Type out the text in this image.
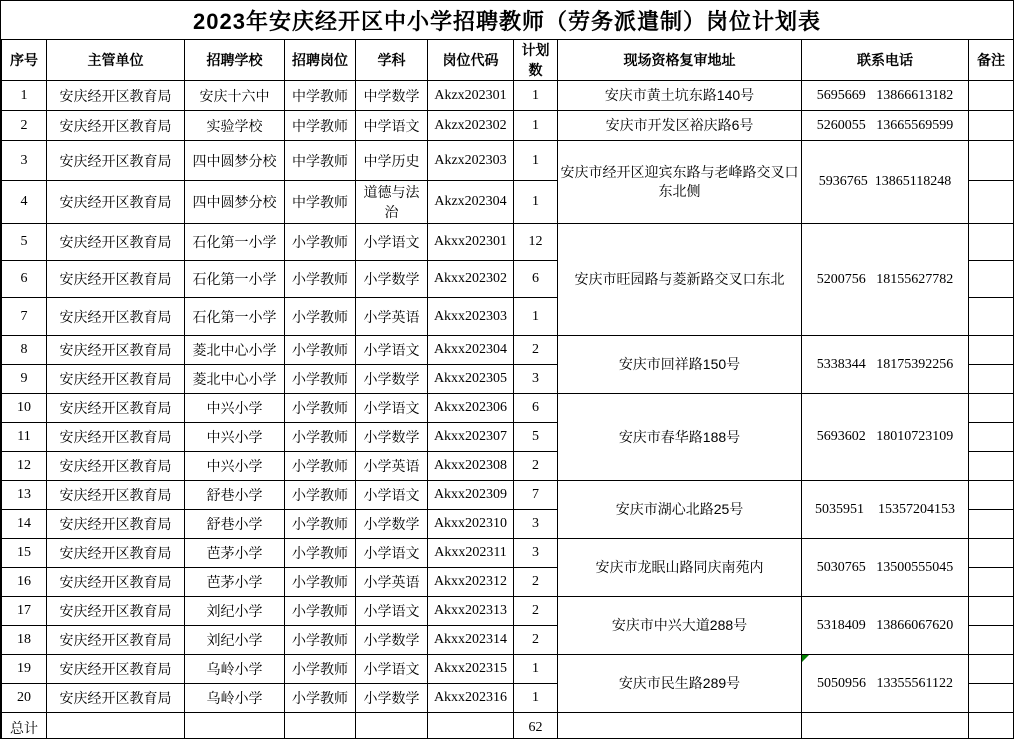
2023年安庆经开区中小学招聘教师（劳务派遣制）岗位计划表
序号	主管单位	招聘学校	招聘岗位	学科	岗位代码	计划数	现场资格复审地址	联系电话	备注
1	安庆经开区教育局	安庆十六中	中学教师	中学数学	Akzx202301	1	安庆市黄土坑东路140号	5695669   13866613182	
2	安庆经开区教育局	实验学校	中学教师	中学语文	Akzx202302	1	安庆市开发区裕庆路6号	5260055   13665569599	
3	安庆经开区教育局	四中圆梦分校	中学教师	中学历史	Akzx202303	1	安庆市经开区迎宾东路与老峰路交叉口东北侧	5936765  13865118248	
4	安庆经开区教育局	四中圆梦分校	中学教师	道德与法治	Akzx202304	1			
5	安庆经开区教育局	石化第一小学	小学教师	小学语文	Akxx202301	12	安庆市旺园路与菱新路交叉口东北	5200756   18155627782	
6	安庆经开区教育局	石化第一小学	小学教师	小学数学	Akxx202302	6			
7	安庆经开区教育局	石化第一小学	小学教师	小学英语	Akxx202303	1			
8	安庆经开区教育局	菱北中心小学	小学教师	小学语文	Akxx202304	2	安庆市回祥路150号	5338344   18175392256	
9	安庆经开区教育局	菱北中心小学	小学教师	小学数学	Akxx202305	3			
10	安庆经开区教育局	中兴小学	小学教师	小学语文	Akxx202306	6	安庆市春华路188号	5693602   18010723109	
11	安庆经开区教育局	中兴小学	小学教师	小学数学	Akxx202307	5			
12	安庆经开区教育局	中兴小学	小学教师	小学英语	Akxx202308	2			
13	安庆经开区教育局	舒巷小学	小学教师	小学语文	Akxx202309	7	安庆市湖心北路25号	5035951    15357204153	
14	安庆经开区教育局	舒巷小学	小学教师	小学数学	Akxx202310	3			
15	安庆经开区教育局	芭茅小学	小学教师	小学语文	Akxx202311	3	安庆市龙眠山路同庆南苑内	5030765   13500555045	
16	安庆经开区教育局	芭茅小学	小学教师	小学英语	Akxx202312	2			
17	安庆经开区教育局	刘纪小学	小学教师	小学语文	Akxx202313	2	安庆市中兴大道288号	5318409   13866067620	
18	安庆经开区教育局	刘纪小学	小学教师	小学数学	Akxx202314	2			
19	安庆经开区教育局	乌岭小学	小学教师	小学语文	Akxx202315	1	安庆市民生路289号	5050956   13355561122	
20	安庆经开区教育局	乌岭小学	小学教师	小学数学	Akxx202316	1			
总计						62			
